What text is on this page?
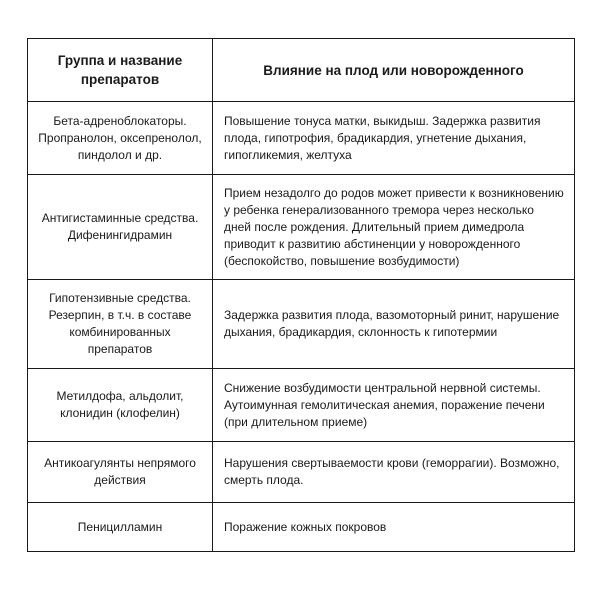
Группа и название препаратов	Влияние на плод или новорожденного
Бета-адреноблокаторы. Пропранолон, оксепренолол, пиндолол и др.	Повышение тонуса матки, выкидыш. Задержка развития плода, гипотрофия, брадикардия, угнетение дыхания, гипогликемия, желтуха
Антигистаминные средства. Дифенингидрамин	Прием незадолго до родов может привести к возникновению у ребенка генерализованного тремора через несколько дней после рождения. Длительный прием димедрола приводит к развитию абстиненции у новорожденного (беспокойство, повышение возбудимости)
Гипотензивные средства. Резерпин, в т.ч. в составе комбинированных препаратов	Задержка развития плода, вазомоторный ринит, нарушение дыхания, брадикардия, склонность к гипотермии
Метилдофа, альдолит, клонидин (клофелин)	Снижение возбудимости центральной нервной системы. Аутоимунная гемолитическая анемия, поражение печени (при длительном приеме)
Антикоагулянты непрямого действия	Нарушения свертываемости крови (геморрагии). Возможно, смерть плода.
Пеницилламин	Поражение кожных покровов
